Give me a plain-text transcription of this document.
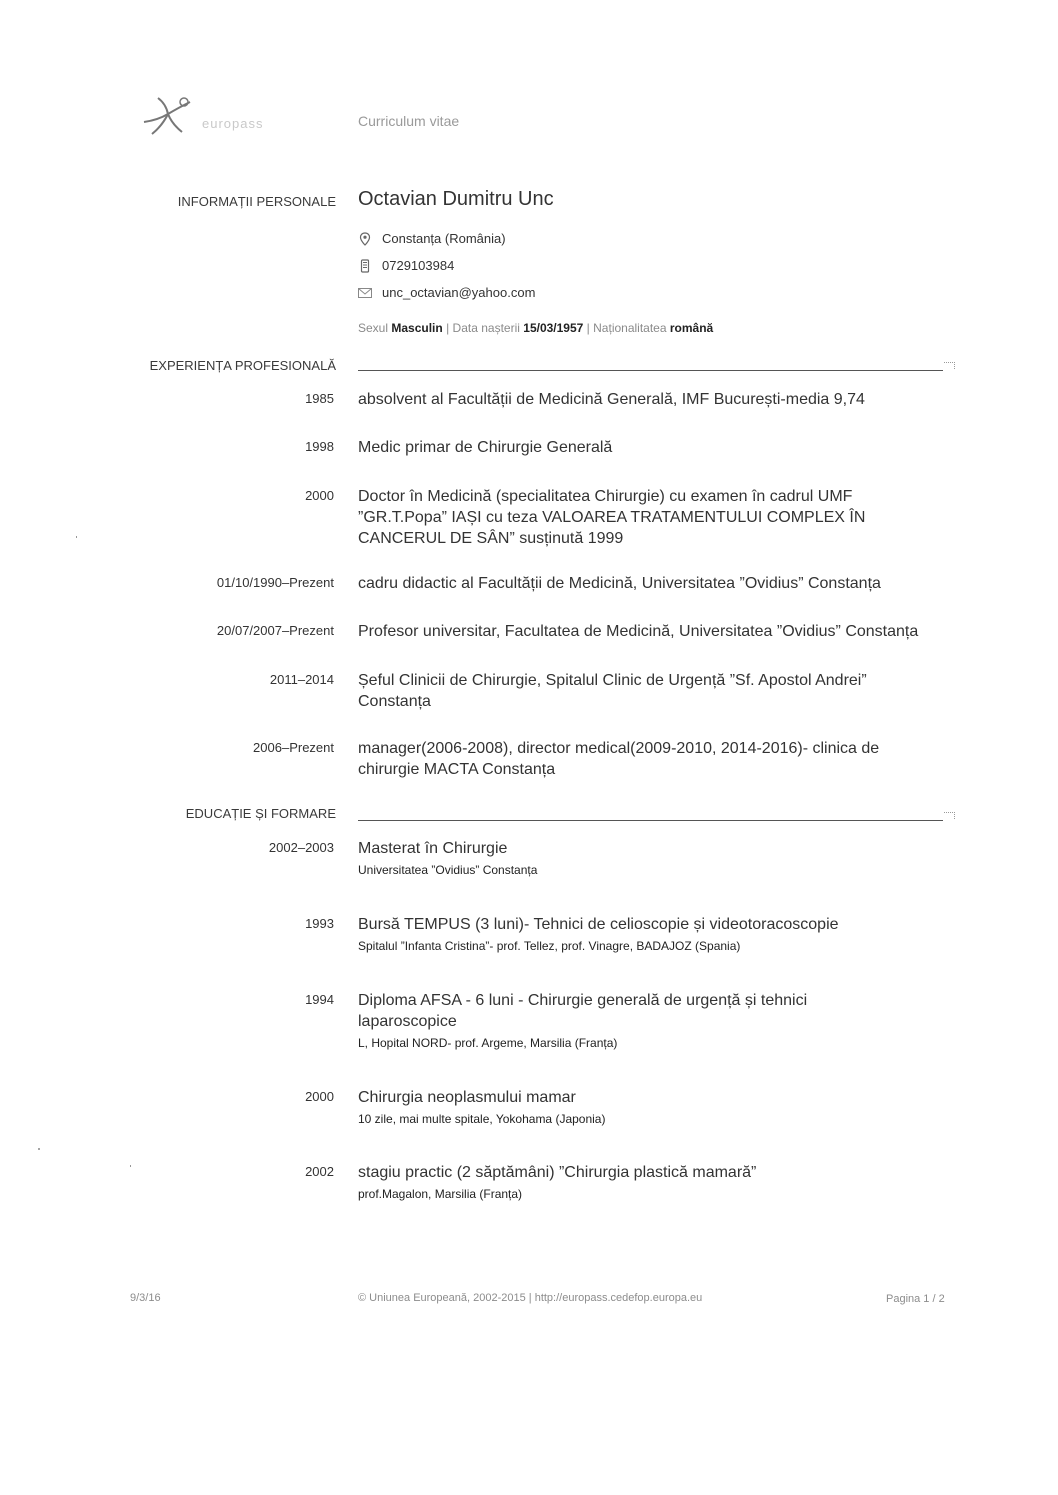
europass	Curriculum vitae
INFORMAȚII PERSONALE Octavian Dumitru Unc
Constanța (România)
0729103984
unc_octavian@yahoo.com
Sexul Masculin | Data nașterii 15/03/1957 | Naționalitatea română
EXPERIENȚA PROFESIONALĂ
1985 absolvent al Facultății de Medicină Generală, IMF București-media 9,74
1998 Medic primar de Chirurgie Generală
2000 Doctor în Medicină (specialitatea Chirurgie) cu examen în cadrul UMF ”GR.T.Popa” IAȘI cu teza VALOAREA TRATAMENTULUI COMPLEX ÎN CANCERUL DE SÂN” susținută 1999
01/10/1990–Prezent cadru didactic al Facultății de Medicină, Universitatea ”Ovidius” Constanța
20/07/2007–Prezent Profesor universitar, Facultatea de Medicină, Universitatea ”Ovidius” Constanța
2011–2014 Șeful Clinicii de Chirurgie, Spitalul Clinic de Urgență ”Sf. Apostol Andrei” Constanța
2006–Prezent manager(2006-2008), director medical(2009-2010, 2014-2016)- clinica de chirurgie MACTA Constanța
EDUCAȚIE ȘI FORMARE
2002–2003 Masterat în Chirurgie
Universitatea ”Ovidius” Constanța
1993 Bursă TEMPUS (3 luni)- Tehnici de celioscopie și videotoracoscopie
Spitalul ”Infanta Cristina”- prof. Tellez, prof. Vinagre, BADAJOZ (Spania)
1994 Diploma AFSA - 6 luni - Chirurgie generală de urgență și tehnici laparoscopice
L, Hopital NORD- prof. Argeme, Marsilia (Franța)
2000 Chirurgia neoplasmului mamar
10 zile, mai multe spitale, Yokohama (Japonia)
2002 stagiu practic (2 săptămâni) ”Chirurgia plastică mamară”
prof.Magalon, Marsilia (Franța)
9/3/16	© Uniunea Europeană, 2002-2015 | http://europass.cedefop.europa.eu	Pagina 1 / 2
